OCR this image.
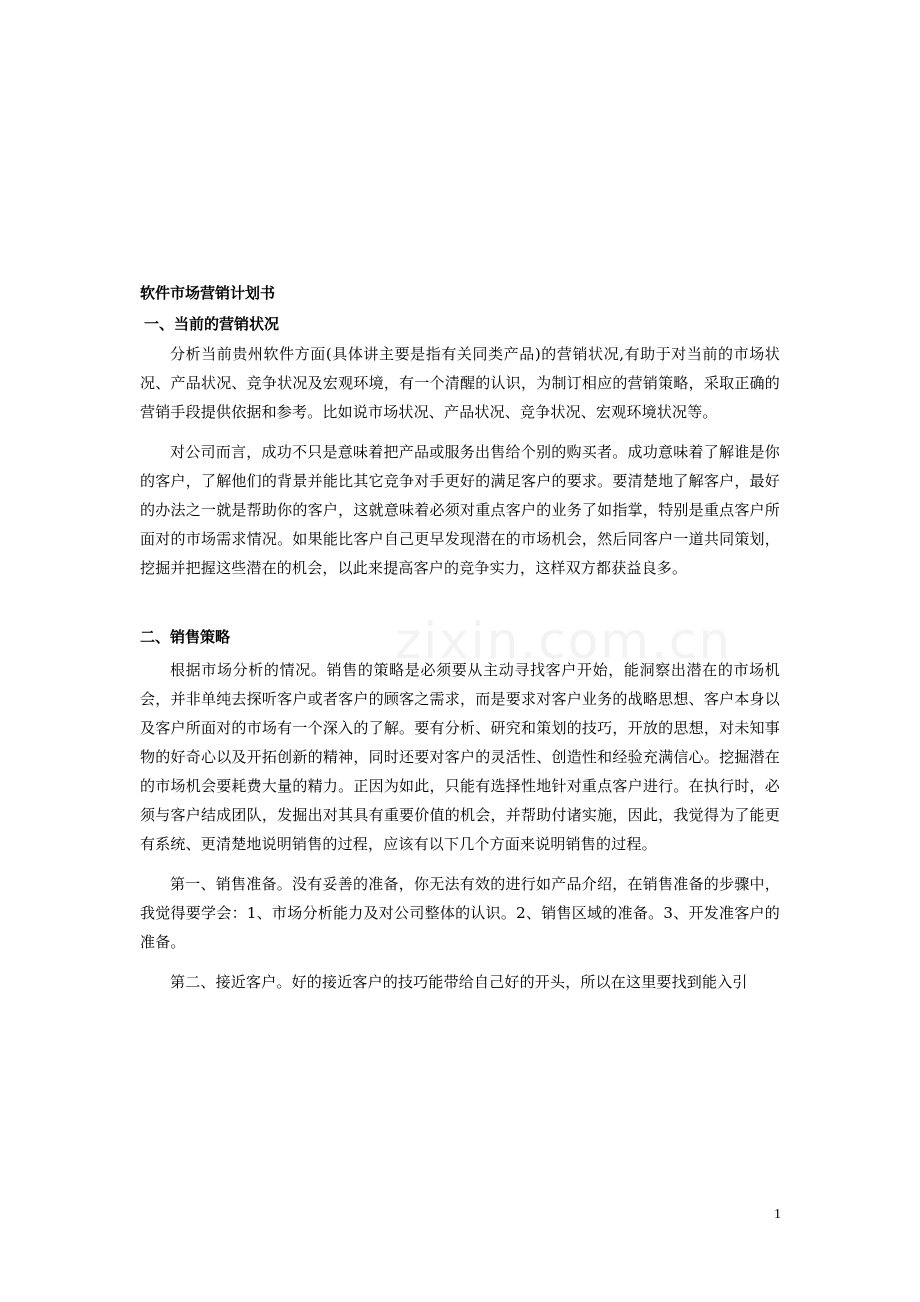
软件市场营销计划书
一、当前的营销状况

分析当前贵州软件方面(具体讲主要是指有关同类产品)的营销状况,有助于对当前的市场状况、产品状况、竞争状况及宏观环境，有一个清醒的认识，为制订相应的营销策略，采取正确的营销手段提供依据和参考。比如说市场状况、产品状况、竞争状况、宏观环境状况等。

对公司而言，成功不只是意味着把产品或服务出售给个别的购买者。成功意味着了解谁是你的客户，了解他们的背景并能比其它竞争对手更好的满足客户的要求。要清楚地了解客户，最好的办法之一就是帮助你的客户，这就意味着必须对重点客户的业务了如指掌，特别是重点客户所面对的市场需求情况。如果能比客户自己更早发现潜在的市场机会，然后同客户一道共同策划，挖掘并把握这些潜在的机会，以此来提高客户的竞争实力，这样双方都获益良多。

二、销售策略

根据市场分析的情况。销售的策略是必须要从主动寻找客户开始，能洞察出潜在的市场机会，并非单纯去探听客户或者客户的顾客之需求，而是要求对客户业务的战略思想、客户本身以及客户所面对的市场有一个深入的了解。要有分析、研究和策划的技巧，开放的思想，对未知事物的好奇心以及开拓创新的精神，同时还要对客户的灵活性、创造性和经验充满信心。挖掘潜在的市场机会要耗费大量的精力。正因为如此，只能有选择性地针对重点客户进行。在执行时，必须与客户结成团队，发掘出对其具有重要价值的机会，并帮助付诸实施，因此，我觉得为了能更有系统、更清楚地说明销售的过程，应该有以下几个方面来说明销售的过程。

第一、销售准备。没有妥善的准备，你无法有效的进行如产品介绍，在销售准备的步骤中，我觉得要学会：1、市场分析能力及对公司整体的认识。2、销售区域的准备。3、开发准客户的准备。

第二、接近客户。好的接近客户的技巧能带给自己好的开头，所以在这里要找到能入引

zixin.com.cn
1
